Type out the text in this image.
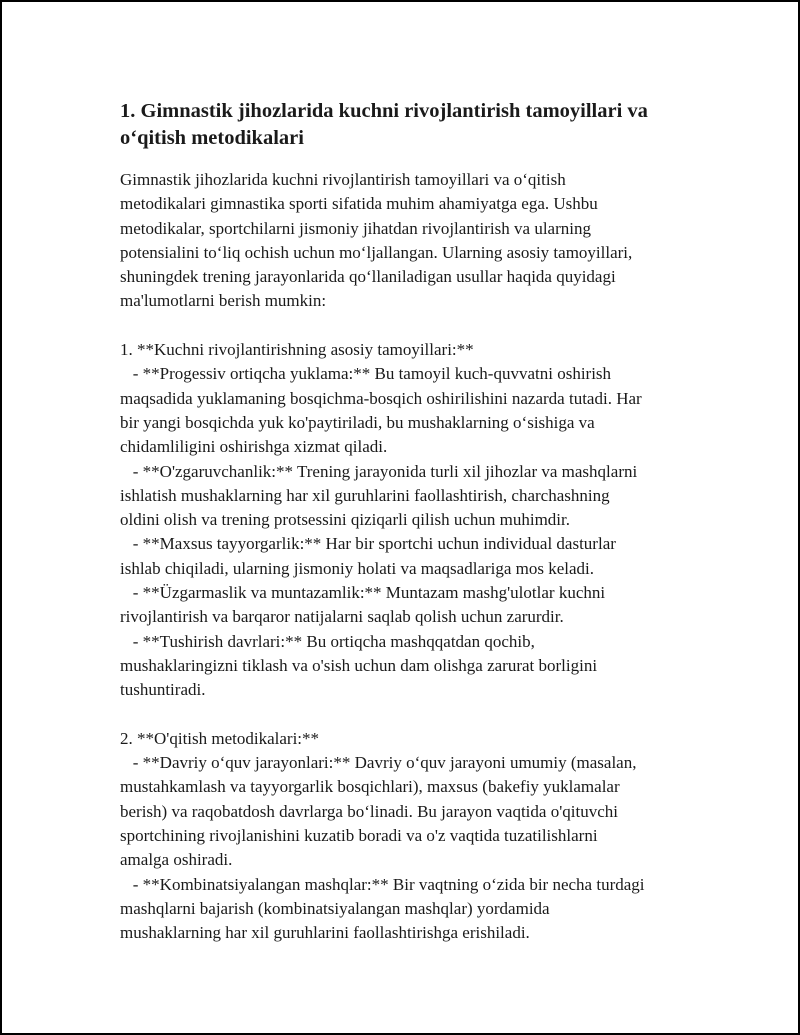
1. Gimnastik jihozlarida kuchni rivojlantirish tamoyillari va
o‘qitish metodikalari
Gimnastik jihozlarida kuchni rivojlantirish tamoyillari va o‘qitish
metodikalari gimnastika sporti sifatida muhim ahamiyatga ega. Ushbu
metodikalar, sportchilarni jismoniy jihatdan rivojlantirish va ularning
potensialini to‘liq ochish uchun mo‘ljallangan. Ularning asosiy tamoyillari,
shuningdek trening jarayonlarida qo‘llaniladigan usullar haqida quyidagi
ma'lumotlarni berish mumkin:
1. **Kuchni rivojlantirishning asosiy tamoyillari:**
- **Progessiv ortiqcha yuklama:** Bu tamoyil kuch-quvvatni oshirish
maqsadida yuklamaning bosqichma-bosqich oshirilishini nazarda tutadi. Har
bir yangi bosqichda yuk ko'paytiriladi, bu mushaklarning o‘sishiga va
chidamliligini oshirishga xizmat qiladi.
- **O'zgaruvchanlik:** Trening jarayonida turli xil jihozlar va mashqlarni
ishlatish mushaklarning har xil guruhlarini faollashtirish, charchashning
oldini olish va trening protsessini qiziqarli qilish uchun muhimdir.
- **Maxsus tayyorgarlik:** Har bir sportchi uchun individual dasturlar
ishlab chiqiladi, ularning jismoniy holati va maqsadlariga mos keladi.
- **Üzgarmaslik va muntazamlik:** Muntazam mashg'ulotlar kuchni
rivojlantirish va barqaror natijalarni saqlab qolish uchun zarurdir.
- **Tushirish davrlari:** Bu ortiqcha mashqqatdan qochib,
mushaklaringizni tiklash va o'sish uchun dam olishga zarurat borligini
tushuntiradi.
2. **O'qitish metodikalari:**
- **Davriy o‘quv jarayonlari:** Davriy o‘quv jarayoni umumiy (masalan,
mustahkamlash va tayyorgarlik bosqichlari), maxsus (bakefiy yuklamalar
berish) va raqobatdosh davrlarga bo‘linadi. Bu jarayon vaqtida o'qituvchi
sportchining rivojlanishini kuzatib boradi va o'z vaqtida tuzatilishlarni
amalga oshiradi.
- **Kombinatsiyalangan mashqlar:** Bir vaqtning o‘zida bir necha turdagi
mashqlarni bajarish (kombinatsiyalangan mashqlar) yordamida
mushaklarning har xil guruhlarini faollashtirishga erishiladi.
